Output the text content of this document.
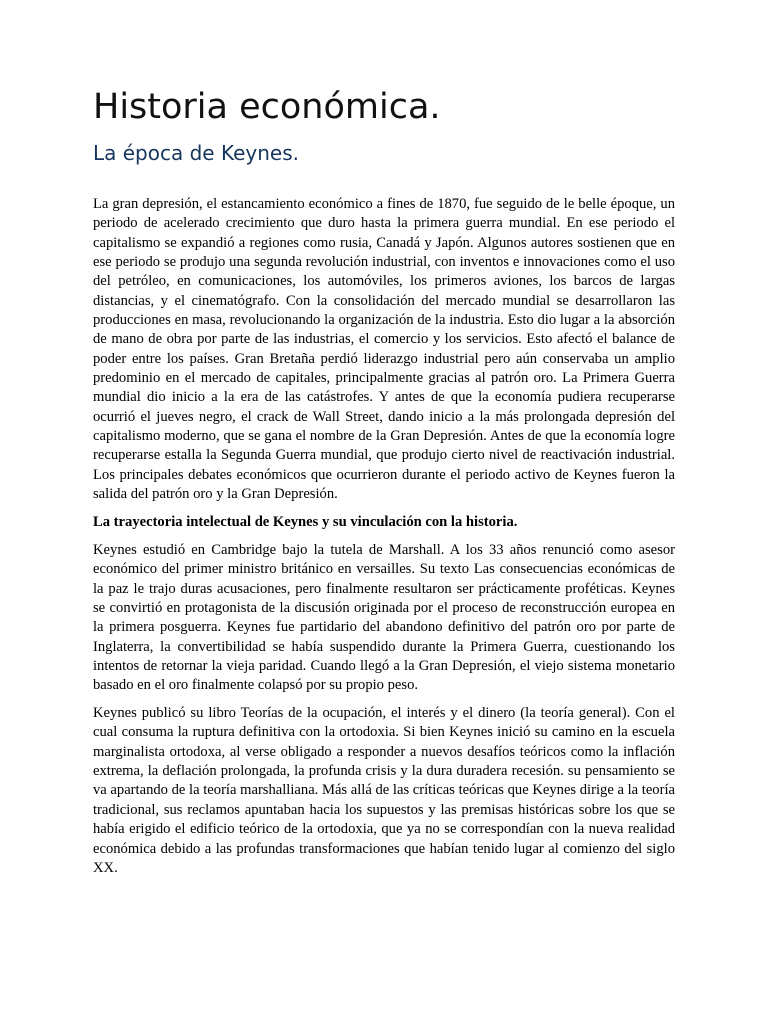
Historia económica.
La época de Keynes.

La gran depresión, el estancamiento económico a fines de 1870, fue seguido de le belle époque, un periodo de acelerado crecimiento que duro hasta la primera guerra mundial. En ese periodo el capitalismo se expandió a regiones como rusia, Canadá y Japón. Algunos autores sostienen que en ese periodo se produjo una segunda revolución industrial, con inventos e innovaciones como el uso del petróleo, en comunicaciones, los automóviles, los primeros aviones, los barcos de largas distancias, y el cinematógrafo. Con la consolidación del mercado mundial se desarrollaron las producciones en masa, revolucionando la organización de la industria. Esto dio lugar a la absorción de mano de obra por parte de las industrias, el comercio y los servicios. Esto afectó el balance de poder entre los países. Gran Bretaña perdió liderazgo industrial pero aún conservaba un amplio predominio en el mercado de capitales, principalmente gracias al patrón oro. La Primera Guerra mundial dio inicio a la era de las catástrofes. Y antes de que la economía pudiera recuperarse ocurrió el jueves negro, el crack de Wall Street, dando inicio a la más prolongada depresión del capitalismo moderno, que se gana el nombre de la Gran Depresión. Antes de que la economía logre recuperarse estalla la Segunda Guerra mundial, que produjo cierto nivel de reactivación industrial. Los principales debates económicos que ocurrieron durante el periodo activo de Keynes fueron la salida del patrón oro y la Gran Depresión.

La trayectoria intelectual de Keynes y su vinculación con la historia.

Keynes estudió en Cambridge bajo la tutela de Marshall. A los 33 años renunció como asesor económico del primer ministro británico en versailles. Su texto Las consecuencias económicas de la paz le trajo duras acusaciones, pero finalmente resultaron ser prácticamente proféticas. Keynes se convirtió en protagonista de la discusión originada por el proceso de reconstrucción europea en la primera posguerra. Keynes fue partidario del abandono definitivo del patrón oro por parte de Inglaterra, la convertibilidad se había suspendido durante la Primera Guerra, cuestionando los intentos de retornar la vieja paridad. Cuando llegó a la Gran Depresión, el viejo sistema monetario basado en el oro finalmente colapsó por su propio peso.

Keynes publicó su libro Teorías de la ocupación, el interés y el dinero (la teoría general). Con el cual consuma la ruptura definitiva con la ortodoxia. Si bien Keynes inició su camino en la escuela marginalista ortodoxa, al verse obligado a responder a nuevos desafíos teóricos como la inflación extrema, la deflación prolongada, la profunda crisis y la dura duradera recesión. su pensamiento se va apartando de la teoría marshalliana. Más allá de las críticas teóricas que Keynes dirige a la teoría tradicional, sus reclamos apuntaban hacia los supuestos y las premisas históricas sobre los que se había erigido el edificio teórico de la ortodoxia, que ya no se correspondían con la nueva realidad económica debido a las profundas transformaciones que habían tenido lugar al comienzo del siglo XX.
